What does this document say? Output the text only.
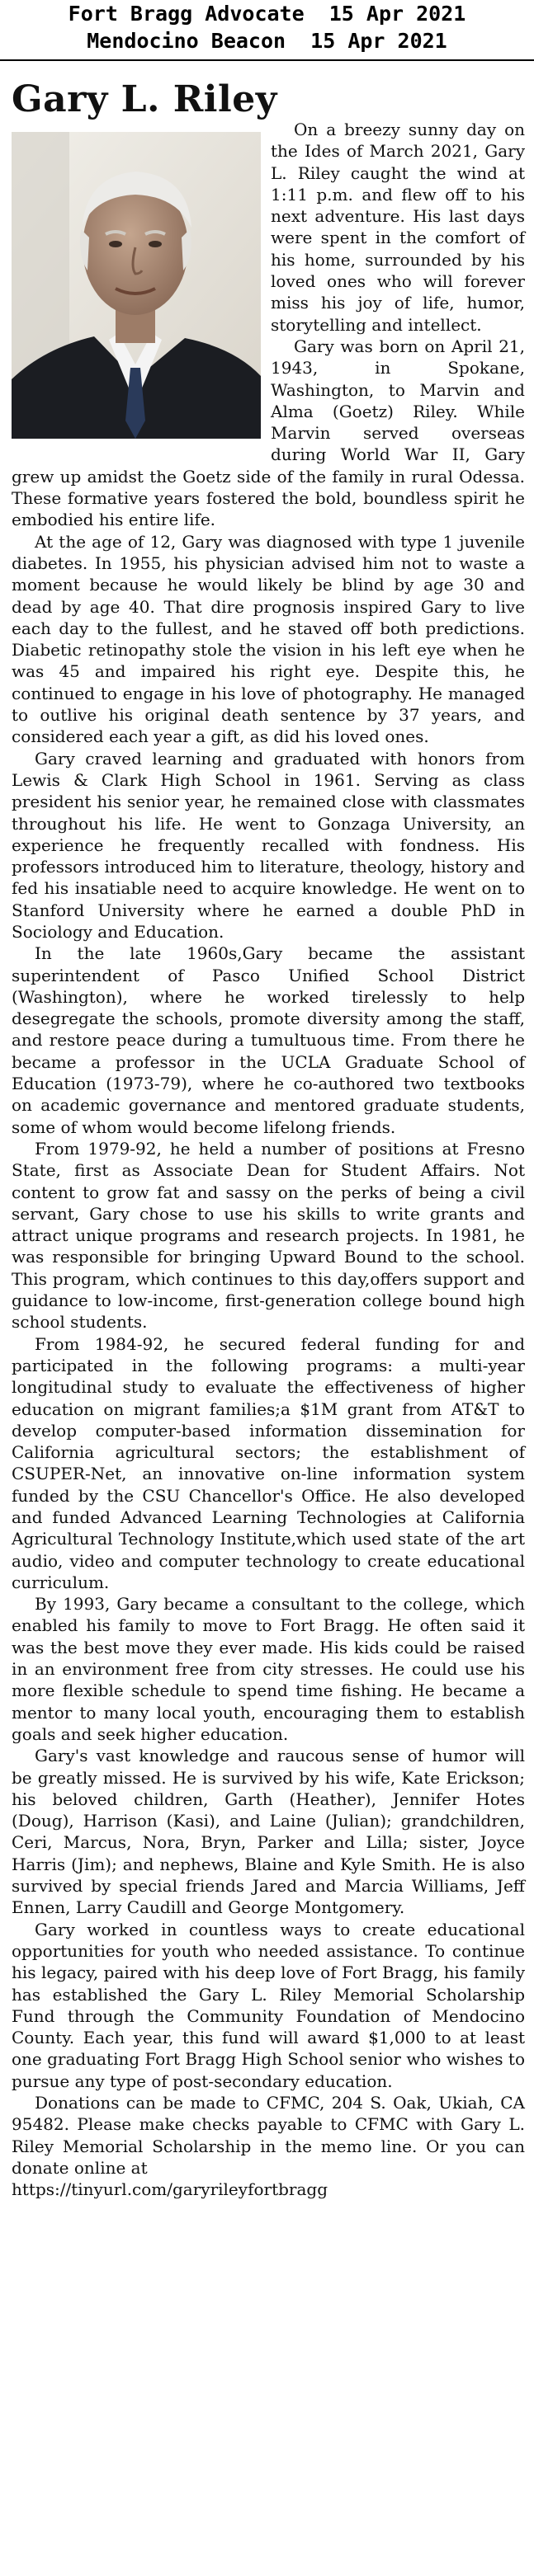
Fort Bragg Advocate  15 Apr 2021
Mendocino Beacon  15 Apr 2021
Gary L. Riley

On a breezy sunny day on the Ides of March 2021, Gary L. Riley caught the wind at 1:11 p.m. and flew off to his next adventure. His last days were spent in the comfort of his home, surrounded by his loved ones who will forever miss his joy of life, humor, storytelling and intellect.

Gary was born on April 21, 1943, in Spokane, Washington, to Marvin and Alma (Goetz) Riley. While Marvin served overseas during World War II, Gary grew up amidst the Goetz side of the family in rural Odessa. These formative years fostered the bold, boundless spirit he embodied his entire life.

At the age of 12, Gary was diagnosed with type 1 juvenile diabetes. In 1955, his physician advised him not to waste a moment because he would likely be blind by age 30 and dead by age 40. That dire prognosis inspired Gary to live each day to the fullest, and he staved off both predictions. Diabetic retinopathy stole the vision in his left eye when he was 45 and impaired his right eye. Despite this, he continued to engage in his love of photography. He managed to outlive his original death sentence by 37 years, and considered each year a gift, as did his loved ones.

Gary craved learning and graduated with honors from Lewis & Clark High School in 1961. Serving as class president his senior year, he remained close with classmates throughout his life. He went to Gonzaga University, an experience he frequently recalled with fondness. His professors introduced him to literature, theology, history and fed his insatiable need to acquire knowledge. He went on to Stanford University where he earned a double PhD in Sociology and Education.

In the late 1960s,Gary became the assistant superintendent of Pasco Unified School District (Washington), where he worked tirelessly to help desegregate the schools, promote diversity among the staff, and restore peace during a tumultuous time. From there he became a professor in the UCLA Graduate School of Education (1973-79), where he co-authored two textbooks on academic governance and mentored graduate students, some of whom would become lifelong friends.

From 1979-92, he held a number of positions at Fresno State, first as Associate Dean for Student Affairs. Not content to grow fat and sassy on the perks of being a civil servant, Gary chose to use his skills to write grants and attract unique programs and research projects. In 1981, he was responsible for bringing Upward Bound to the school. This program, which continues to this day,offers support and guidance to low-income, first-generation college bound high school students.

From 1984-92, he secured federal funding for and participated in the following programs: a multi-year longitudinal study to evaluate the effectiveness of higher education on migrant families;a $1M grant from AT&T to develop computer-based information dissemination for California agricultural sectors; the establishment of CSUPER-Net, an innovative on-line information system funded by the CSU Chancellor's Office. He also developed and funded Advanced Learning Technologies at California Agricultural Technology Institute,which used state of the art audio, video and computer technology to create educational curriculum.

By 1993, Gary became a consultant to the college, which enabled his family to move to Fort Bragg. He often said it was the best move they ever made. His kids could be raised in an environment free from city stresses. He could use his more flexible schedule to spend time fishing. He became a mentor to many local youth, encouraging them to establish goals and seek higher education.

Gary's vast knowledge and raucous sense of humor will be greatly missed. He is survived by his wife, Kate Erickson; his beloved children, Garth (Heather), Jennifer Hotes (Doug), Harrison (Kasi), and Laine (Julian); grandchildren, Ceri, Marcus, Nora, Bryn, Parker and Lilla; sister, Joyce Harris (Jim); and nephews, Blaine and Kyle Smith. He is also survived by special friends Jared and Marcia Williams, Jeff Ennen, Larry Caudill and George Montgomery.

Gary worked in countless ways to create educational opportunities for youth who needed assistance. To continue his legacy, paired with his deep love of Fort Bragg, his family has established the Gary L. Riley Memorial Scholarship Fund through the Community Foundation of Mendocino County. Each year, this fund will award $1,000 to at least one graduating Fort Bragg High School senior who wishes to pursue any type of post-secondary education.

Donations can be made to CFMC, 204 S. Oak, Ukiah, CA 95482. Please make checks payable to CFMC with Gary L. Riley Memorial Scholarship in the memo line. Or you can donate online at

https://tinyurl.com/garyrileyfortbragg
